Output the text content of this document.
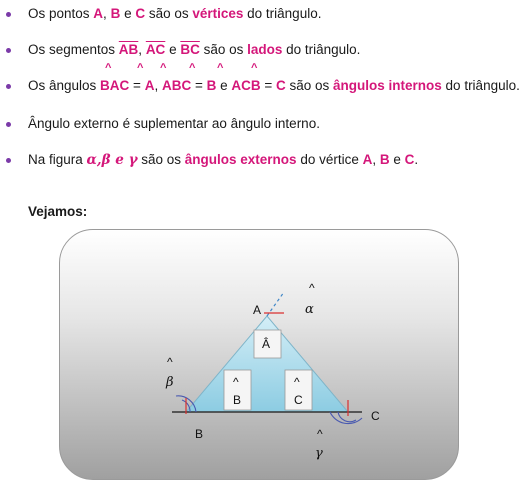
Os pontos A, B e C são os vértices do triângulo.
Os segmentos $\overline{AB}$, $\overline{AC}$ e $\overline{BC}$ são os lados do triângulo.
^ ^ ^ ^ ^	^
Os ângulos BAC = A, ABC = B e ACB = C são os ângulos internos do triângulo.
Ângulo externo é suplementar ao ângulo interno.
Na figura α,β e γ são os ângulos externos do vértice A, B e C.
Vejamos:
Â
^
B
^
C
A
B
C
^
α
^
β
^
γ
